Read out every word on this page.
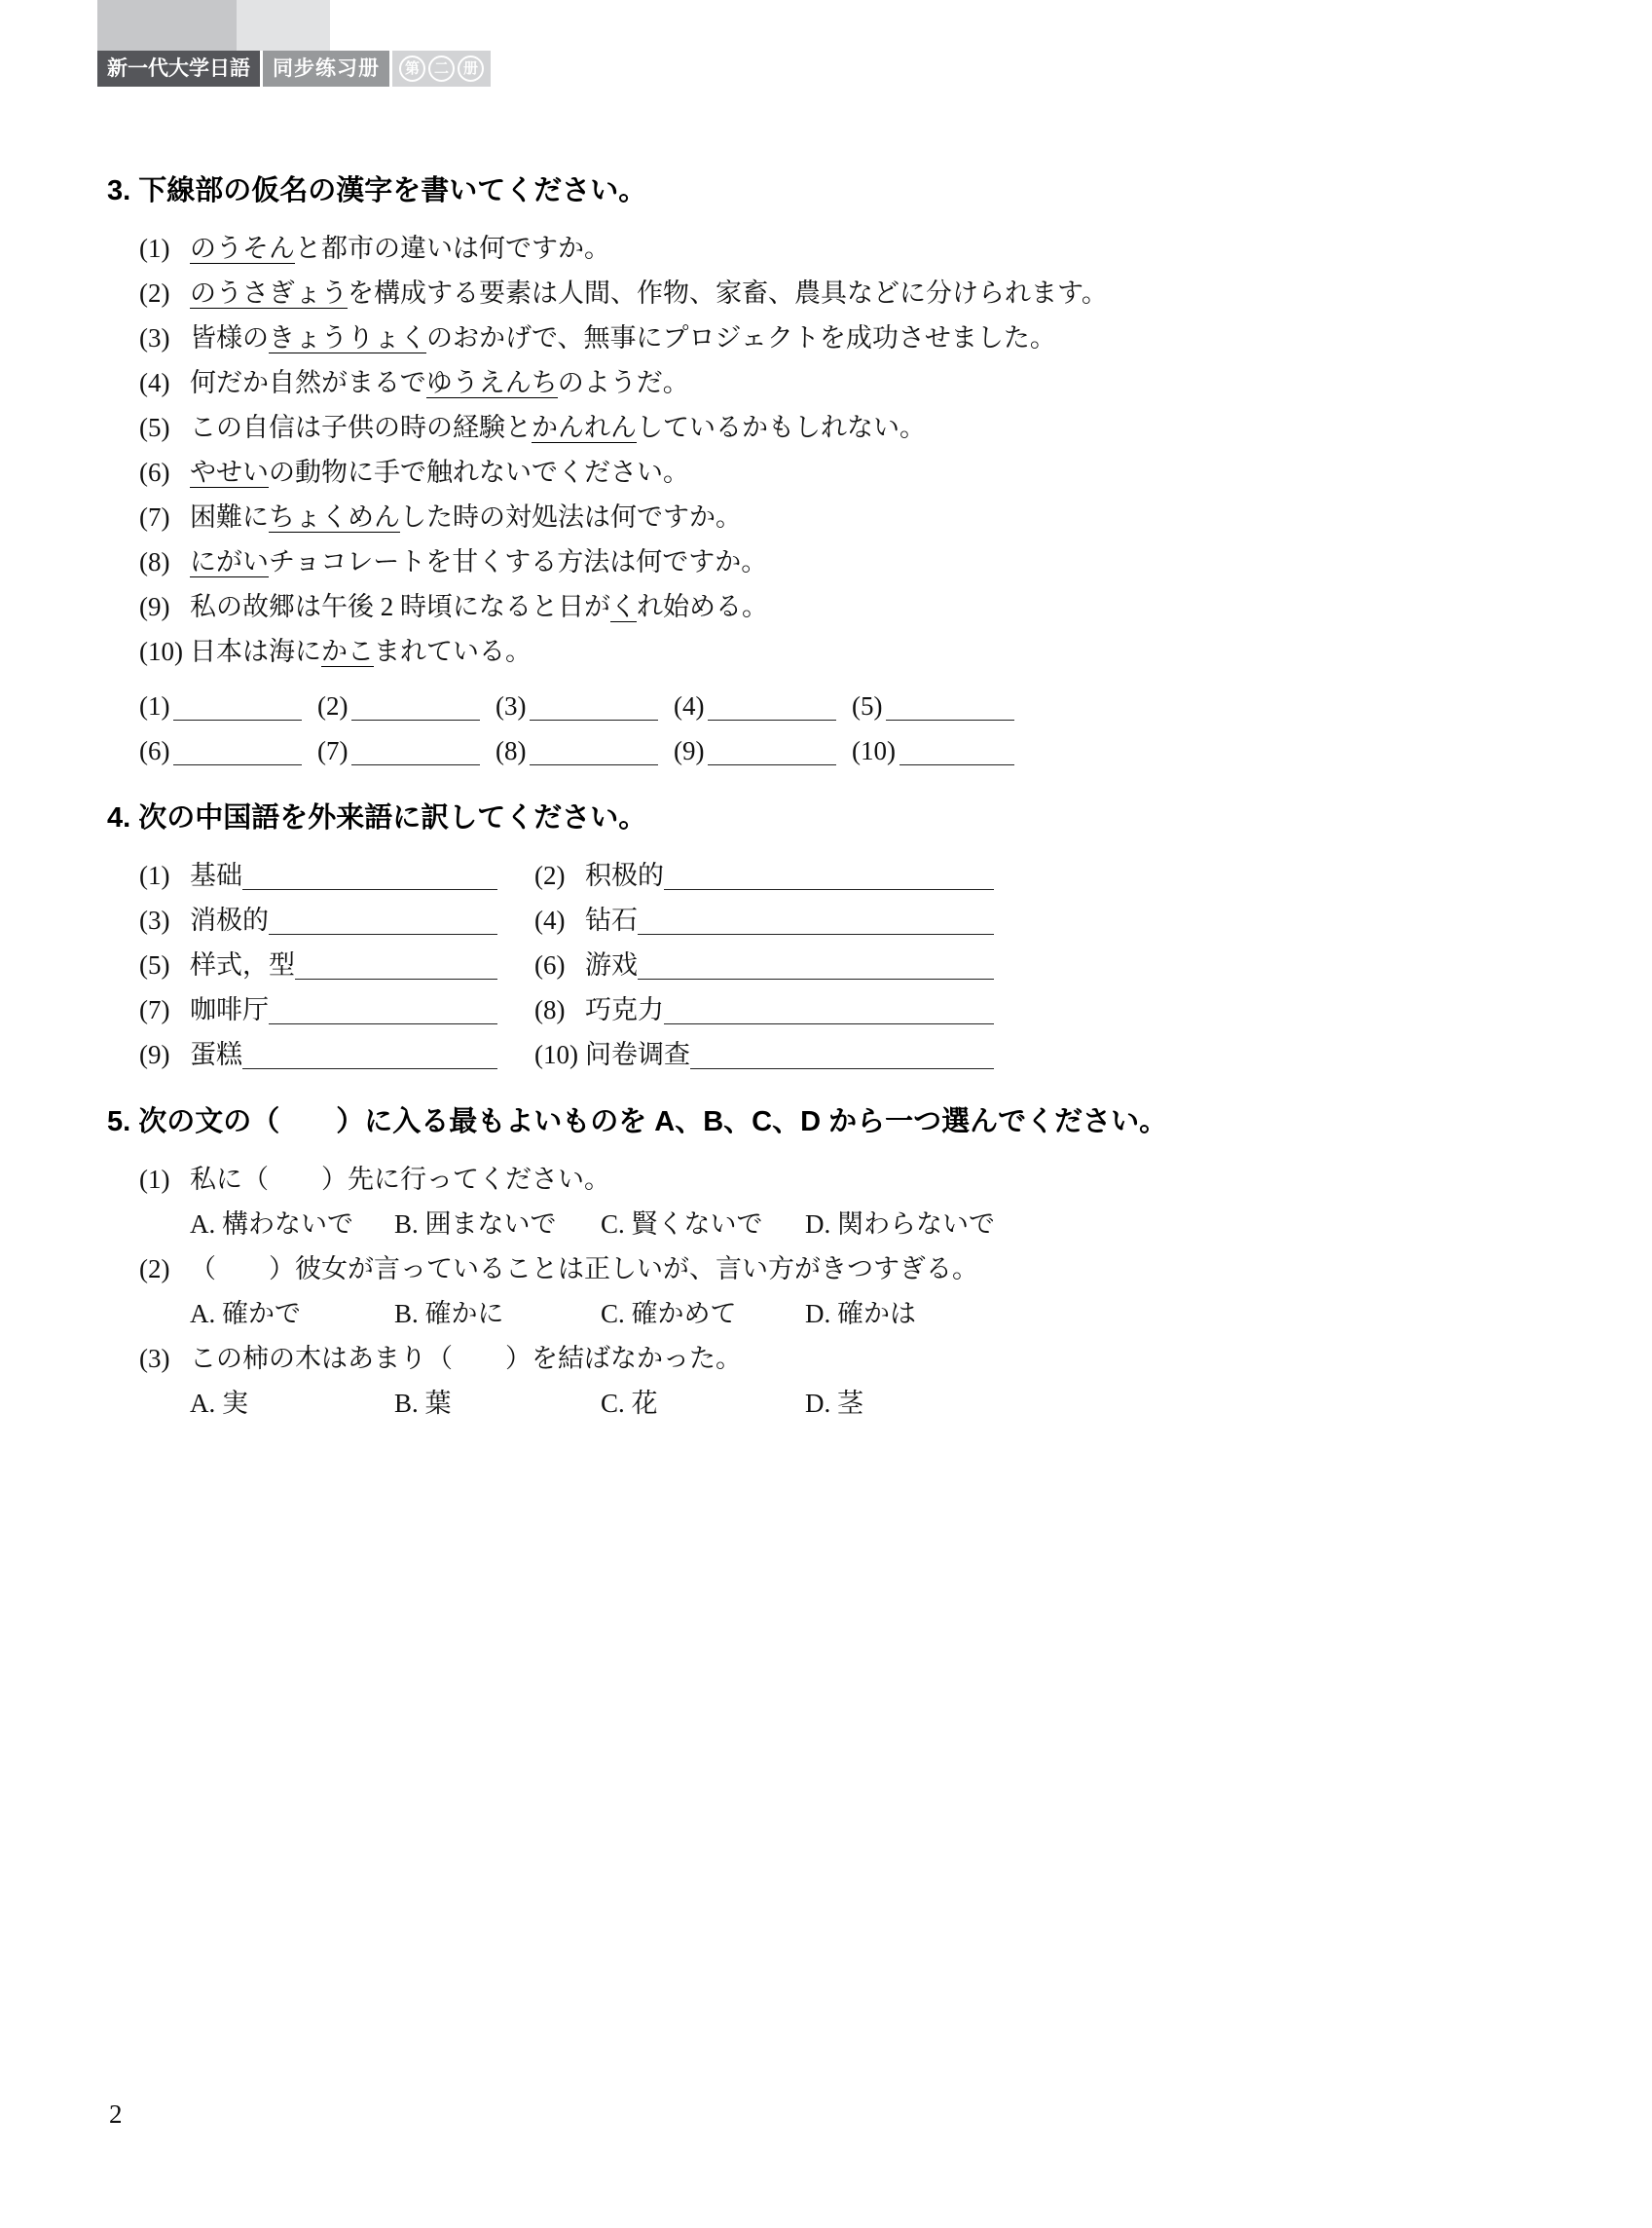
新一代大学日語	同步练习册	第 二 册
3. 下線部の仮名の漢字を書いてください。
(1) のうそんと都市の違いは何ですか。
(2) のうさぎょうを構成する要素は人間、作物、家畜、農具などに分けられます。
(3) 皆様のきょうりょくのおかげで、無事にプロジェクトを成功させました。
(4) 何だか自然がまるでゆうえんちのようだ。
(5) この自信は子供の時の経験とかんれんしているかもしれない。
(6) やせいの動物に手で触れないでください。
(7) 困難にちょくめんした時の対処法は何ですか。
(8) にがいチョコレートを甘くする方法は何ですか。
(9) 私の故郷は午後 2 時頃になると日がくれ始める。
(10) 日本は海にかこまれている。
(1)	(2)	(3)	(4)	(5)
(6)	(7)	(8)	(9)	(10)
4. 次の中国語を外来語に訳してください。
(1) 基础	(2) 积极的
(3) 消极的	(4) 钻石
(5) 样式，型	(6) 游戏
(7) 咖啡厅	(8) 巧克力
(9) 蛋糕	(10) 问卷调查
5. 次の文の（　　）に入る最もよいものを A、B、C、D から一つ選んでください。
(1) 私に（　　）先に行ってください。
A. 構わないで	B. 囲まないで	C. 賢くないで	D. 関わらないで
(2) （　　）彼女が言っていることは正しいが、言い方がきつすぎる。
A. 確かで	B. 確かに	C. 確かめて	D. 確かは
(3) この柿の木はあまり（　　）を結ばなかった。
A. 実	B. 葉	C. 花	D. 茎
2
